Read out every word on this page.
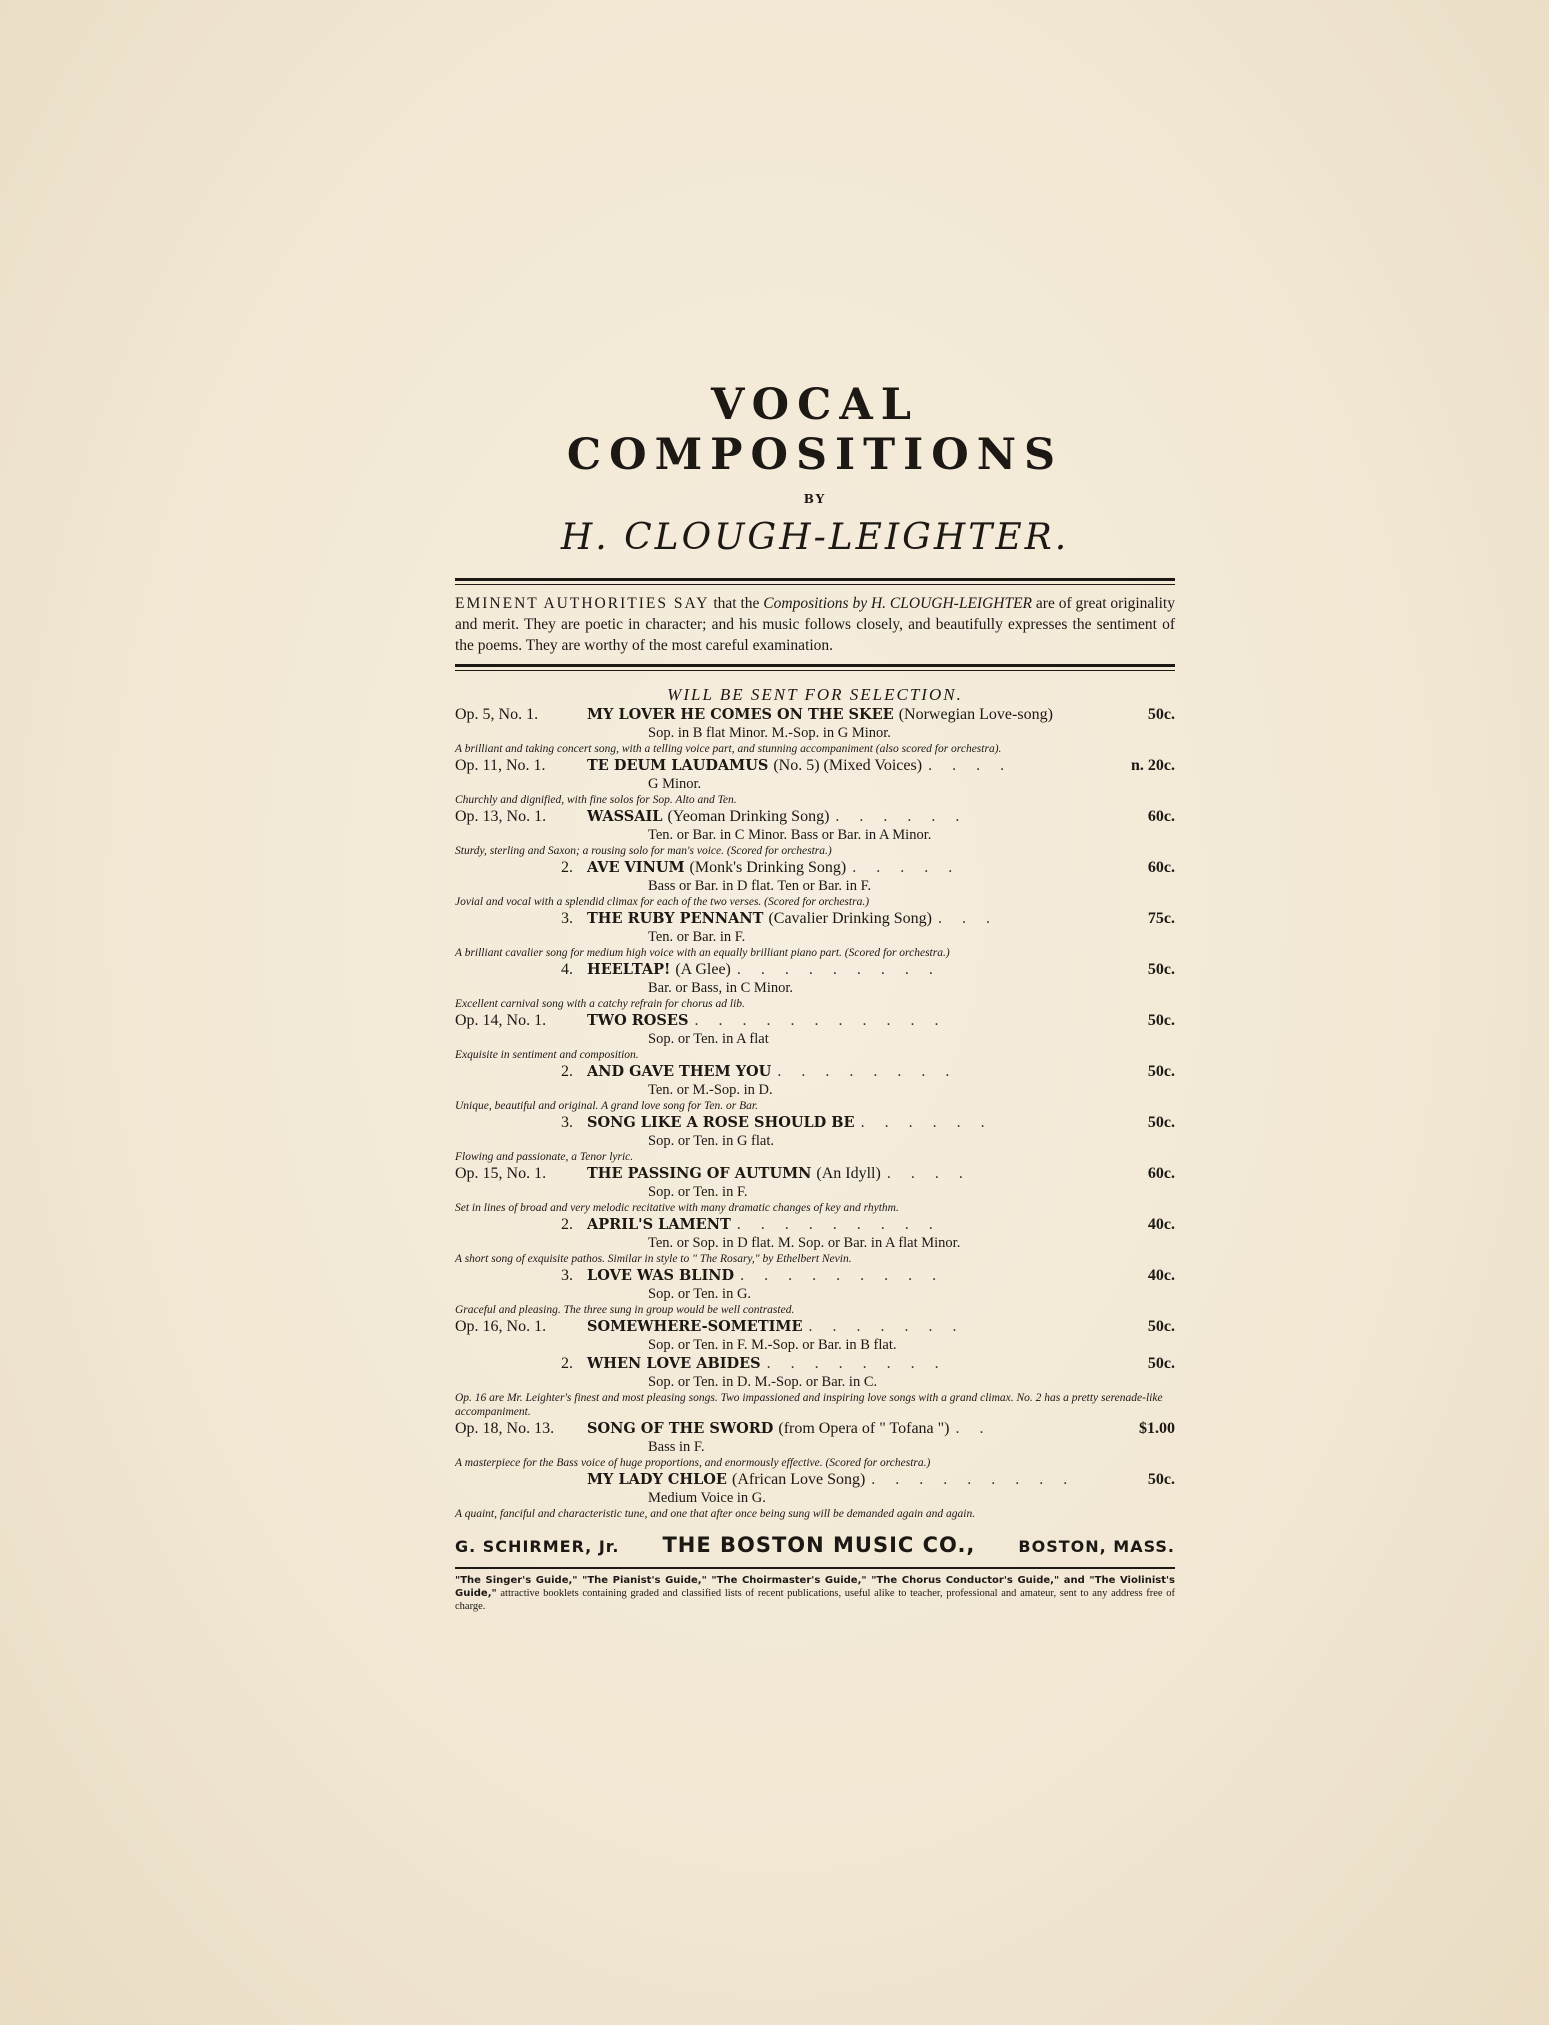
VOCAL COMPOSITIONS
BY
H. CLOUGH-LEIGHTER.
EMINENT AUTHORITIES SAY that the Compositions by H. CLOUGH-LEIGHTER are of great originality and merit. They are poetic in character; and his music follows closely, and beautifully expresses the sentiment of the poems. They are worthy of the most careful examination.
WILL BE SENT FOR SELECTION.
Op. 5, No. 1.	MY LOVER HE COMES ON THE SKEE (Norwegian Love-song)	50c.
Sop. in B flat Minor. M.-Sop. in G Minor.
A brilliant and taking concert song, with a telling voice part, and stunning accompaniment (also scored for orchestra).
Op. 11, No. 1.	TE DEUM LAUDAMUS (No. 5) (Mixed Voices) . . . .	n. 20c.
G Minor.
Churchly and dignified, with fine solos for Sop. Alto and Ten.
Op. 13, No. 1.	WASSAIL (Yeoman Drinking Song) . . . . . .	60c.
Ten. or Bar. in C Minor. Bass or Bar. in A Minor.
Sturdy, sterling and Saxon; a rousing solo for man's voice. (Scored for orchestra.)
2. AVE VINUM (Monk's Drinking Song) . . . . .	60c.
Bass or Bar. in D flat. Ten or Bar. in F.
Jovial and vocal with a splendid climax for each of the two verses. (Scored for orchestra.)
3. THE RUBY PENNANT (Cavalier Drinking Song) . . .	75c.
Ten. or Bar. in F.
A brilliant cavalier song for medium high voice with an equally brilliant piano part. (Scored for orchestra.)
4. HEELTAP! (A Glee) . . . . . . . . .	50c.
Bar. or Bass, in C Minor.
Excellent carnival song with a catchy refrain for chorus ad lib.
Op. 14, No. 1.	TWO ROSES . . . . . . . . . . .	50c.
Sop. or Ten. in A flat
Exquisite in sentiment and composition.
2. AND GAVE THEM YOU . . . . . . . .	50c.
Ten. or M.-Sop. in D.
Unique, beautiful and original. A grand love song for Ten. or Bar.
3. SONG LIKE A ROSE SHOULD BE . . . . . .	50c.
Sop. or Ten. in G flat.
Flowing and passionate, a Tenor lyric.
Op. 15, No. 1.	THE PASSING OF AUTUMN (An Idyll) . . . .	60c.
Sop. or Ten. in F.
Set in lines of broad and very melodic recitative with many dramatic changes of key and rhythm.
2. APRIL'S LAMENT . . . . . . . . .	40c.
Ten. or Sop. in D flat. M. Sop. or Bar. in A flat Minor.
A short song of exquisite pathos. Similar in style to " The Rosary," by Ethelbert Nevin.
3. LOVE WAS BLIND . . . . . . . . .	40c.
Sop. or Ten. in G.
Graceful and pleasing. The three sung in group would be well contrasted.
Op. 16, No. 1.	SOMEWHERE-SOMETIME . . . . . . .	50c.
Sop. or Ten. in F. M.-Sop. or Bar. in B flat.
2. WHEN LOVE ABIDES . . . . . . . .	50c.
Sop. or Ten. in D. M.-Sop. or Bar. in C.
Op. 16 are Mr. Leighter's finest and most pleasing songs. Two impassioned and inspiring love songs with a grand climax. No. 2 has a pretty serenade-like accompaniment.
Op. 18, No. 13.	SONG OF THE SWORD (from Opera of " Tofana ") . .	$1.00
Bass in F.
A masterpiece for the Bass voice of huge proportions, and enormously effective. (Scored for orchestra.)
MY LADY CHLOE (African Love Song) . . . . . . . . .	50c.
Medium Voice in G.
A quaint, fanciful and characteristic tune, and one that after once being sung will be demanded again and again.
G. SCHIRMER, Jr. THE BOSTON MUSIC CO.,	BOSTON, MASS.
"The Singer's Guide," "The Pianist's Guide," "The Choirmaster's Guide," "The Chorus Conductor's Guide," and "The Violinist's Guide," attractive booklets containing graded and classified lists of recent publications, useful alike to teacher, professional and amateur, sent to any address free of charge.
